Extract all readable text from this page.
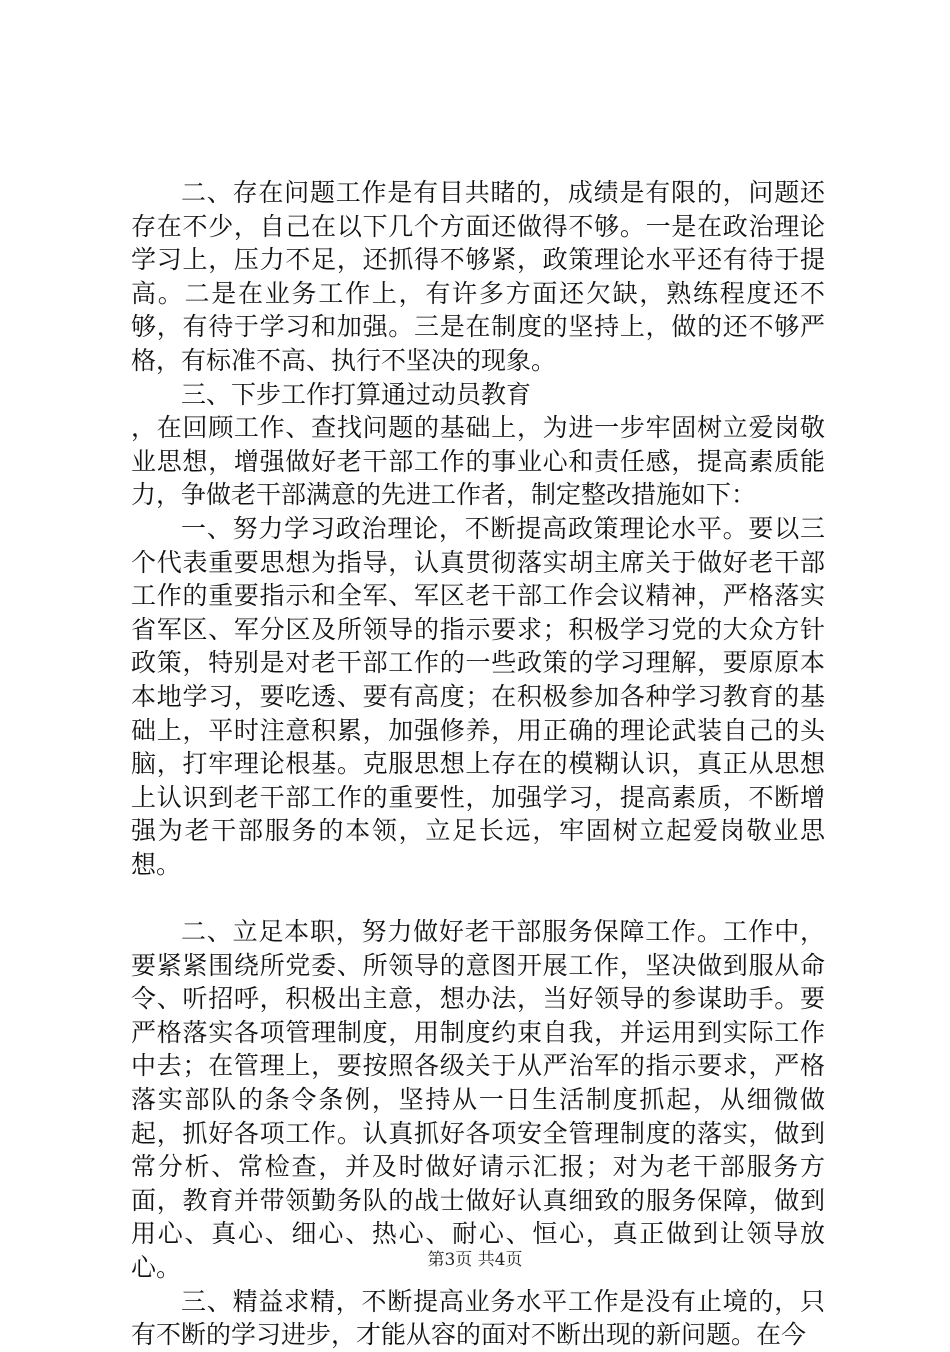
二、存在问题工作是有目共睹的，成绩是有限的，问题还存在不少，自己在以下几个方面还做得不够。一是在政治理论学习上，压力不足，还抓得不够紧，政策理论水平还有待于提高。二是在业务工作上，有许多方面还欠缺，熟练程度还不够，有待于学习和加强。三是在制度的坚持上，做的还不够严格，有标准不高、执行不坚决的现象。

三、下步工作打算通过动员教育

，在回顾工作、查找问题的基础上，为进一步牢固树立爱岗敬业思想，增强做好老干部工作的事业心和责任感，提高素质能力，争做老干部满意的先进工作者，制定整改措施如下：

一、努力学习政治理论，不断提高政策理论水平。要以三个代表重要思想为指导，认真贯彻落实胡主席关于做好老干部工作的重要指示和全军、军区老干部工作会议精神，严格落实省军区、军分区及所领导的指示要求；积极学习党的大众方针政策，特别是对老干部工作的一些政策的学习理解，要原原本本地学习，要吃透、要有高度；在积极参加各种学习教育的基础上，平时注意积累，加强修养，用正确的理论武装自己的头脑，打牢理论根基。克服思想上存在的模糊认识，真正从思想上认识到老干部工作的重要性，加强学习，提高素质，不断增强为老干部服务的本领，立足长远，牢固树立起爱岗敬业思想。

二、立足本职，努力做好老干部服务保障工作。工作中，要紧紧围绕所党委、所领导的意图开展工作，坚决做到服从命令、听招呼，积极出主意，想办法，当好领导的参谋助手。要严格落实各项管理制度，用制度约束自我，并运用到实际工作中去；在管理上，要按照各级关于从严治军的指示要求，严格落实部队的条令条例，坚持从一日生活制度抓起，从细微做起，抓好各项工作。认真抓好各项安全管理制度的落实，做到常分析、常检查，并及时做好请示汇报；对为老干部服务方面，教育并带领勤务队的战士做好认真细致的服务保障，做到用心、真心、细心、热心、耐心、恒心，真正做到让领导放心。

三、精益求精，不断提高业务水平工作是没有止境的，只有不断的学习进步，才能从容的面对不断出现的新问题。在今

第3页 共4页
